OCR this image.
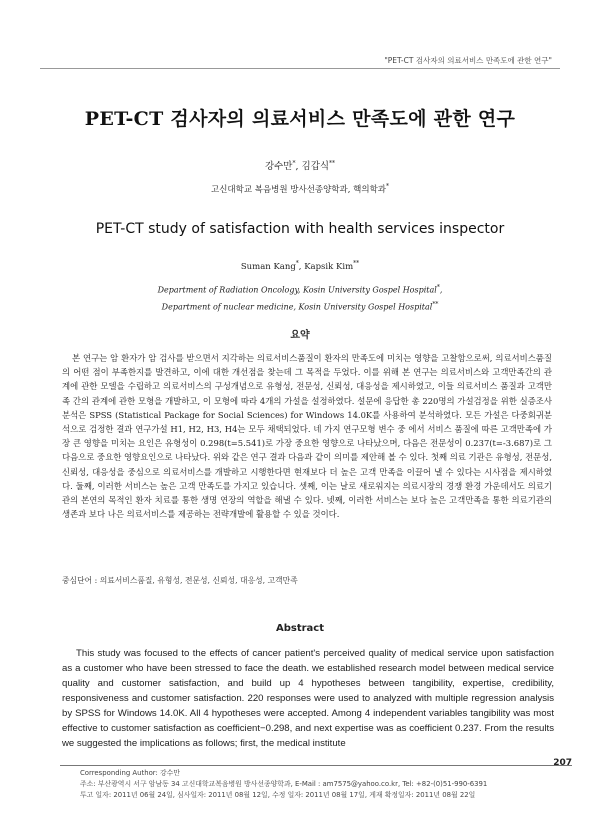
"PET-CT 검사자의 의료서비스 만족도에 관한 연구"
PET-CT 검사자의 의료서비스 만족도에 관한 연구
강수만*, 김갑식**
고신대학교 복음병원 방사선종양학과, 핵의학과*
PET-CT study of satisfaction with health services inspector
Suman Kang*, Kapsik Kim**
Department of Radiation Oncology, Kosin University Gospel Hospital*,
Department of nuclear medicine, Kosin University Gospel Hospital**
요약
본 연구는 암 환자가 암 검사를 받으면서 지각하는 의료서비스품질이 환자의 만족도에 미치는 영향을 고찰함으로써, 의료서비스품질의 어떤 점이 부족한지를 발견하고, 이에 대한 개선점을 찾는데 그 목적을 두었다. 이를 위해 본 연구는 의료서비스와 고객만족간의 관계에 관한 모델을 수립하고 의료서비스의 구성개념으로 유형성, 전문성, 신뢰성, 대응성을 제시하였고, 이들 의료서비스 품질과 고객만족 간의 관계에 관한 모형을 개발하고, 이 모형에 따라 4개의 가설을 설정하였다. 설문에 응답한 총 220명의 가설검정을 위한 실증조사 분석은 SPSS (Statistical Package for Social Sciences) for Windows 14.0K를 사용하여 분석하였다. 모든 가설은 다중회귀분석으로 검정한 결과 연구가설 H1, H2, H3, H4는 모두 채택되었다. 네 가지 연구모형 변수 중 에서 서비스 품질에 따른 고객만족에 가장 큰 영향을 미치는 요인은 유형성이 0.298(t=5.541)로 가장 중요한 영향으로 나타났으며, 다음은 전문성이 0.237(t=-3.687)로 그 다음으로 중요한 영향요인으로 나타났다. 위와 같은 연구 결과 다음과 같이 의미를 제안해 볼 수 있다. 첫째 의료 기관은 유형성, 전문성, 신뢰성, 대응성을 중심으로 의료서비스를 개발하고 시행한다면 현재보다 더 높은 고객 만족을 이끌어 낼 수 있다는 시사점을 제시하였다. 둘째, 이러한 서비스는 높은 고객 만족도를 가지고 있습니다. 셋째, 이는 날로 새로워지는 의료시장의 경쟁 환경 가운데서도 의료기관의 본연의 목적인 환자 치료를 통한 생명 연장의 역할을 해낼 수 있다. 넷째, 이러한 서비스는 보다 높은 고객만족을 통한 의료기관의 생존과 보다 나은 의료서비스를 제공하는 전략개발에 활용할 수 있을 것이다.
중심단어 : 의료서비스품질, 유형성, 전문성, 신뢰성, 대응성, 고객만족
Abstract
This study was focused to the effects of cancer patient's perceived quality of medical service upon satisfaction as a customer who have been stressed to face the death. we established research model between medical service quality and customer satisfaction, and build up 4 hypotheses between tangibility, expertise, credibility, responsiveness and customer satisfaction. 220 responses were used to analyzed with multiple regression analysis by SPSS for Windows 14.0K. All 4 hypotheses were accepted. Among 4 independent variables tangibility was most effective to customer satisfaction as coefficient−0.298, and next expertise was as coefficient 0.237. From the results we suggested the implications as follows; first, the medical institute
207
Corresponding Author: 강수만
주소: 부산광역시 서구 암남동 34 고신대학교복음병원 방사선종양학과, E-Mail : am7575@yahoo.co.kr, Tel: +82-(0)51-990-6391
투고 일자: 2011년 06월 24일, 심사일자: 2011년 08월 12일, 수정 일자: 2011년 08월 17일, 게재 확정일자: 2011년 08월 22일
